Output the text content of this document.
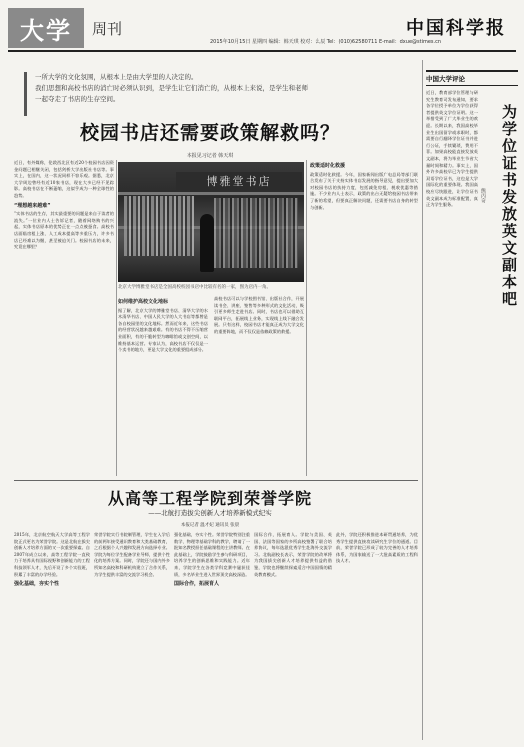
大学	周刊	中国科学报
2015年10月15日 星期四 编辑：韩天琪 校对：么辰 Tel：(010)62580711 E-mail：dxue@stimes.cn
一所大学的文化氛围，从根本上是由大学里的人决定的。
我们思想和高校书店的消亡时必须认识到，是学生让它们消亡的，从根本上来说，是学生和老师
一起夺走了书店的生存空间。
校园书店还需要政策解救吗？
本报见习记者 韩天琪
近日，有外媒称，伦敦西北区有近20个校园书店因资金问题已相继关闭，包括剑桥大学出版社书店等。事实上，在国内，这一状况同样不容乐观。据悉，北京大学周边曾经有近10家书店，现在大多已经不见踪影。高校书店在不断萎缩，这似乎成为一种全球性的趋势。
“理想越来越难”
“实体书店的生存，其实最重要的问题是来自于读者的流失。”一位业内人士告诉记者，随着网络购书的兴起，实体书店原本的优势正在一点点被蚕食。高校书店面临房租上涨、人工成本提高等多重压力，许多书店已经难以为继，甚至被迫关门。校园书店的未来，究竟在哪里？
博雅堂书店
北京大学博雅堂书店是全国高校校园书店中比较有名的一家，图为店内一角。
如何维护高校文化地标
据了解，北京大学的博雅堂书店、清华大学的水木清华书店、中国人民大学的人大书店等都曾是各自校园里的文化地标。然而近年来，这些书店的经营状况越来越艰难。有的书店不得不压缩营业面积，有的干脆转型为咖啡馆或文创空间，以维持基本运营。专家认为，高校书店不仅仅是一个卖书的地方，更是大学文化的重要组成部分。
高校书店可以与学校图书馆、出版社合作，开展读书会、讲座、签售等多种形式的文化活动，吸引更多师生走进书店。同时，书店也可以借助互联网平台，拓展线上业务，实现线上线下融合发展。只有这样，校园书店才能真正成为大学文化的重要阵地，而不仅仅是依赖政策的救援。
政策适时化救援
政策适时化救援。今年，国家新闻出版广电总局等部门联合发布了关于支持实体书店发展的指导意见，提出要加大对校园书店的扶持力度，包括减免房租、税收优惠等措施。不少业内人士表示，政策的出台无疑给校园书店带来了新的希望，但要真正解决问题，还需要书店自身的转型与创新。
中国大学评论
为学位证书发放英文副本吧
熊丙奇
近日，教育部学位管理与研究生教育司发布通知，要求各学位授予单位为学位获得者提供英文学位证明。这一举措受到了广大毕业生的欢迎。长期以来，我国高校毕业生出国留学或求职时，都需要自行翻译学位证书并进行公证，手续繁琐，费用不菲。如果高校能直接发放英文副本，将为毕业生节省大量时间和精力。事实上，国外许多高校早已为学生提供双语学位证书，这也是大学国际化的重要体现。我国高校应尽快跟进，让学位证书英文副本成为标准配置，真正为学生服务。
从高等工程学院到荣誉学院
——北航打造拔尖创新人才培养新模式纪实
本报记者 温才妃 通讯员 张晨
2015年，北京航空航天大学高等工程学院正式更名为荣誉学院。这是北航在拔尖创新人才培养方面的又一次重要探索。自2007年成立以来，高等工程学院一直致力于培养具有国际视野和创新能力的工程科技领军人才，先后开设了多个实验班，积累了丰富的办学经验。
强化基础，夯实个性
荣誉学院实行书院制管理，学生在入学后的前两年接受通识教育和大类基础教育，之后根据个人兴趣和发展方向选择专业。学院为每位学生配备学业导师，提供个性化的培养方案。同时，学院还与国内外多所知名高校和科研机构建立了合作关系，为学生提供丰富的交流学习机会。
强化基础，夯实个性。荣誉学院特别注重数学、物理等基础学科的教学，聘请了一批知名教授担任基础课程的主讲教师。在此基础上，学院鼓励学生参与科研项目，培养学生的创新思维和实践能力。近年来，学院学生在各类学科竞赛中屡获佳绩，多名毕业生进入世界顶尖高校深造。
国际合作，拓展育人
国际合作，拓展育人。学院与美国、英国、法国等国家的多所高校签署了联合培养协议，每年选派优秀学生赴海外交流学习。北航副校长表示，荣誉学院的改革将为我国拔尖创新人才培养提供有益的借鉴，学院也将继续探索适合中国国情的精英教育模式。
此外，学院还积极推进本研贯通培养，为优秀学生提供直接攻读研究生学位的通道。目前，荣誉学院已形成了较为完善的人才培养体系，为国家输送了一大批高素质的工程科技人才。
